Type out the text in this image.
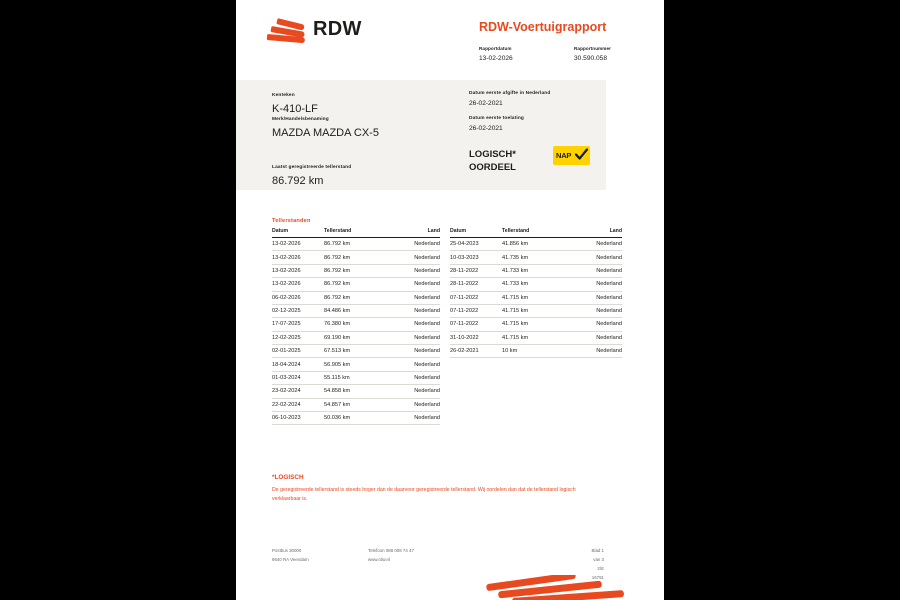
RDW	RDW-Voertuigrapport
Rapportdatum
13-02-2026
Rapportnummer
30.590.058
Kenteken
K-410-LF
Merk/Handelsbenaming
MAZDA MAZDA CX-5
Laatst geregistreerde tellerstand
86.792 km
Datum eerste afgifte in Nederland
26-02-2021
Datum eerste toelating
26-02-2021
LOGISCH*
OORDEEL
NAP
Tellerstanden
Datum	Tellerstand	Land
13-02-2026	86.792 km	Nederland
13-02-2026	86.792 km	Nederland
13-02-2026	86.792 km	Nederland
13-02-2026	86.792 km	Nederland
06-02-2026	86.792 km	Nederland
02-12-2025	84.486 km	Nederland
17-07-2025	76.380 km	Nederland
12-02-2025	69.190 km	Nederland
02-01-2025	67.513 km	Nederland
18-04-2024	56.905 km	Nederland
01-03-2024	55.115 km	Nederland
23-02-2024	54.858 km	Nederland
22-02-2024	54.857 km	Nederland
06-10-2023	50.036 km	Nederland
Datum	Tellerstand	Land
25-04-2023	41.856 km	Nederland
10-03-2023	41.735 km	Nederland
28-11-2022	41.733 km	Nederland
28-11-2022	41.733 km	Nederland
07-11-2022	41.715 km	Nederland
07-11-2022	41.715 km	Nederland
07-11-2022	41.715 km	Nederland
31-10-2022	41.715 km	Nederland
26-02-2021	10 km	Nederland
*LOGISCH
De geregistreerde tellerstand is steeds hoger dan de daarvoor geregistreerde tellerstand. Wij oordelen dan dat de tellerstand logisch verklaarbaar is.
Postbus 30000
9640 RA Veendam
Telefoon 088 008 74 47
www.rdw.nl
Blad 1 van 3
2/E 16791
